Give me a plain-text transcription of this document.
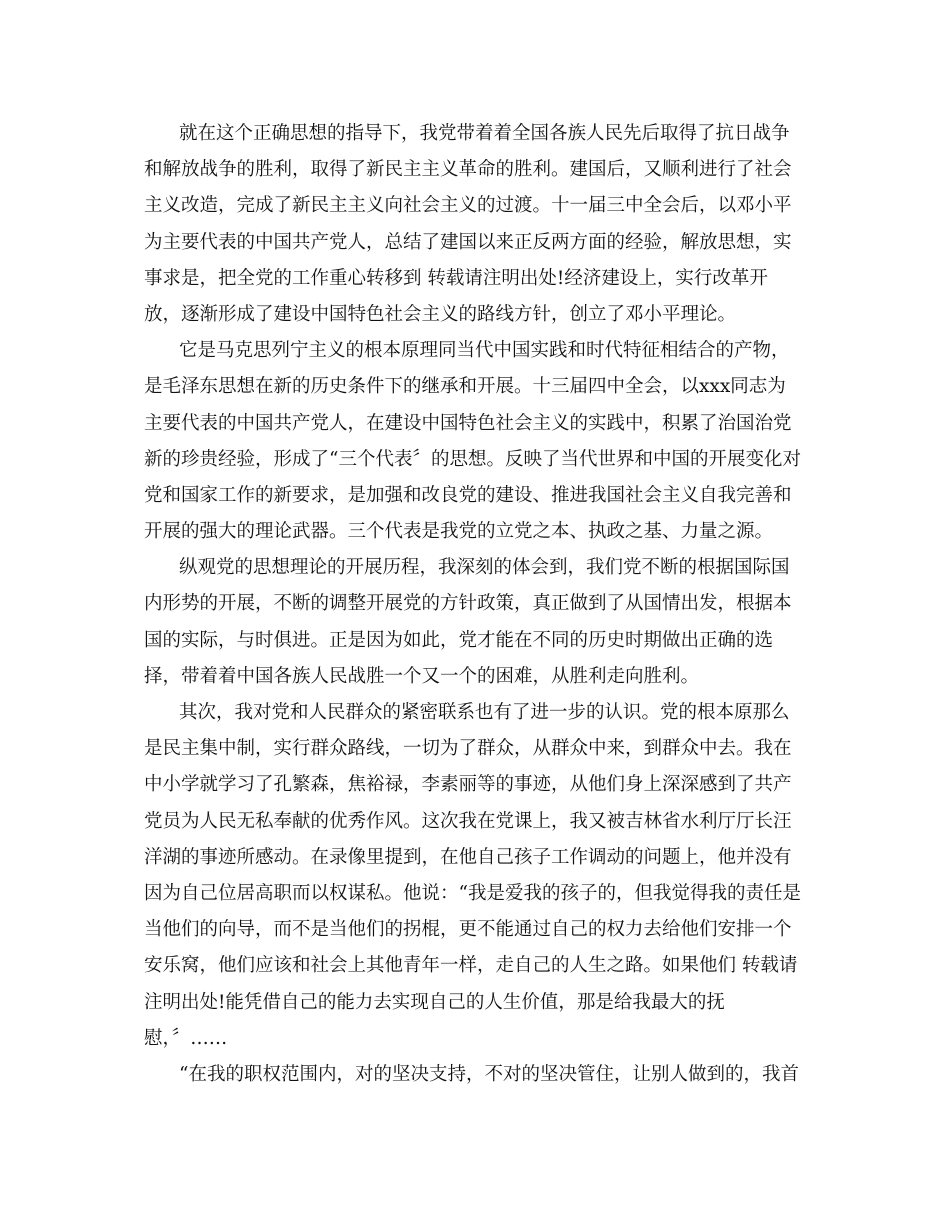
就在这个正确思想的指导下，我党带着着全国各族人民先后取得了抗日战争
和解放战争的胜利，取得了新民主主义革命的胜利。建国后，又顺利进行了社会
主义改造，完成了新民主主义向社会主义的过渡。十一届三中全会后，以邓小平
为主要代表的中国共产党人，总结了建国以来正反两方面的经验，解放思想，实
事求是，把全党的工作重心转移到 转载请注明出处!经济建设上，实行改革开
放，逐渐形成了建设中国特色社会主义的路线方针，创立了邓小平理论。
它是马克思列宁主义的根本原理同当代中国实践和时代特征相结合的产物，
是毛泽东思想在新的历史条件下的继承和开展。十三届四中全会，以xxx同志为
主要代表的中国共产党人，在建设中国特色社会主义的实践中，积累了治国治党
新的珍贵经验，形成了“三个代表〞的思想。反映了当代世界和中国的开展变化对
党和国家工作的新要求，是加强和改良党的建设、推进我国社会主义自我完善和
开展的强大的理论武器。三个代表是我党的立党之本、执政之基、力量之源。
纵观党的思想理论的开展历程，我深刻的体会到，我们党不断的根据国际国
内形势的开展，不断的调整开展党的方针政策，真正做到了从国情出发，根据本
国的实际，与时俱进。正是因为如此，党才能在不同的历史时期做出正确的选
择，带着着中国各族人民战胜一个又一个的困难，从胜利走向胜利。
其次，我对党和人民群众的紧密联系也有了进一步的认识。党的根本原那么
是民主集中制，实行群众路线，一切为了群众，从群众中来，到群众中去。我在
中小学就学习了孔繁森，焦裕禄，李素丽等的事迹，从他们身上深深感到了共产
党员为人民无私奉献的优秀作风。这次我在党课上，我又被吉林省水利厅厅长汪
洋湖的事迹所感动。在录像里提到，在他自己孩子工作调动的问题上，他并没有
因为自己位居高职而以权谋私。他说：“我是爱我的孩子的，但我觉得我的责任是
当他们的向导，而不是当他们的拐棍，更不能通过自己的权力去给他们安排一个
安乐窝，他们应该和社会上其他青年一样，走自己的人生之路。如果他们 转载请
注明出处!能凭借自己的能力去实现自己的人生价值，那是给我最大的抚
慰，〞……
“在我的职权范围内，对的坚决支持，不对的坚决管住，让别人做到的，我首
